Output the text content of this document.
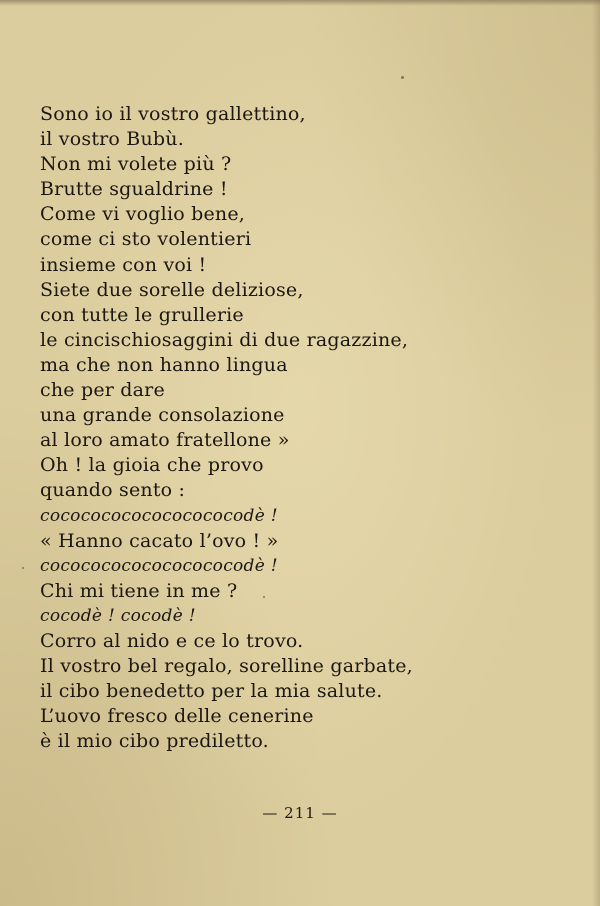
Sono io il vostro gallettino,
il vostro Bubù.
Non mi volete più ?
Brutte sgualdrine !
Come vi voglio bene,
come ci sto volentieri
insieme con voi !
Siete due sorelle deliziose,
con tutte le grullerie
le cincischiosaggini di due ragazzine,
ma che non hanno lingua
che per dare
una grande consolazione
al loro amato fratellone »
Oh ! la gioia che provo
quando sento :
cocococococococococodè !
« Hanno cacato l’ovo ! »
cocococococococococodè !
Chi mi tiene in me ?
cocodè ! cocodè !
Corro al nido e ce lo trovo.
Il vostro bel regalo, sorelline garbate,
il cibo benedetto per la mia salute.
L’uovo fresco delle cenerine
è il mio cibo prediletto.
— 211 —
